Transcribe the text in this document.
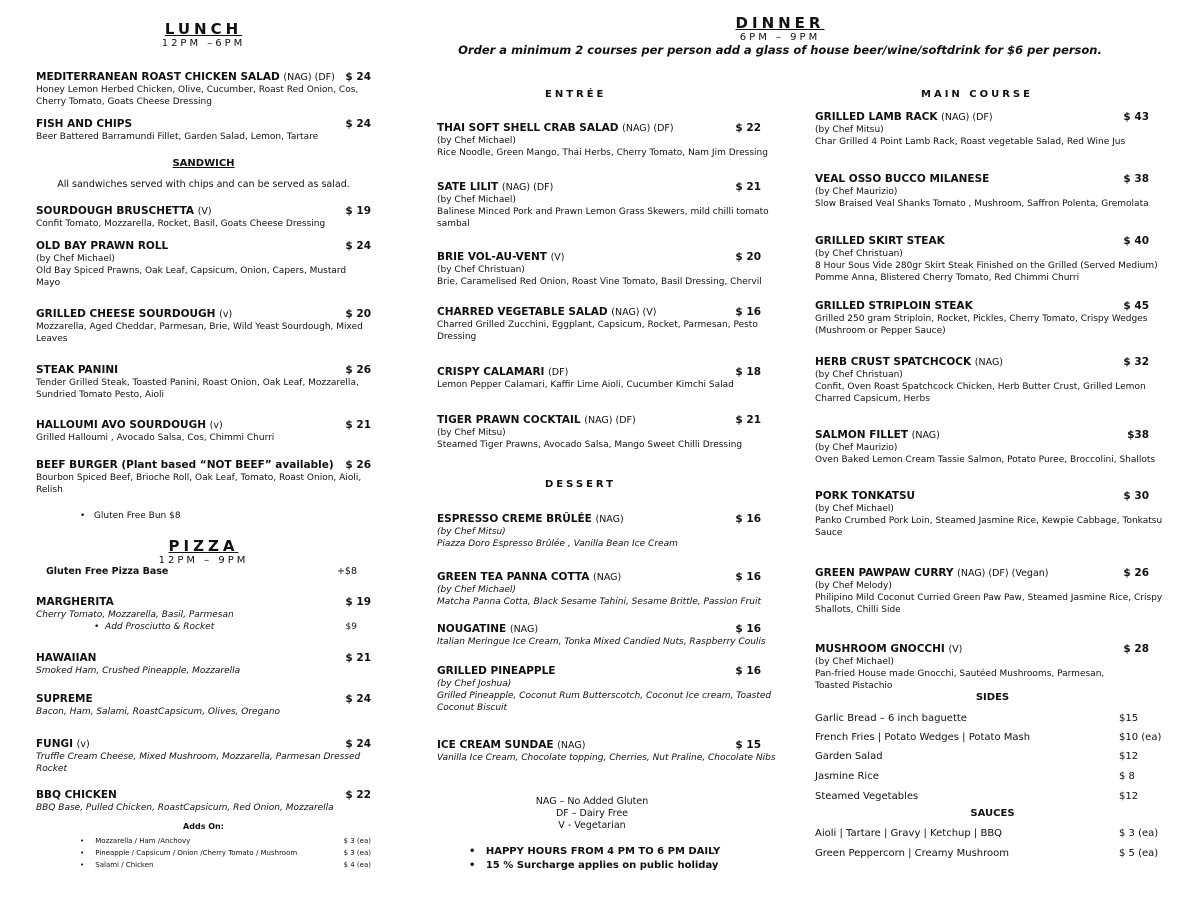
LUNCH
12PM –6PM
MEDITERRANEAN ROAST CHICKEN SALAD (NAG) (DF) $ 24
Honey Lemon Herbed Chicken, Olive, Cucumber, Roast Red Onion, Cos, Cherry Tomato, Goats Cheese Dressing
FISH AND CHIPS	$ 24
Beer Battered Barramundi Fillet, Garden Salad, Lemon, Tartare
SANDWICH
All sandwiches served with chips and can be served as salad.
SOURDOUGH BRUSCHETTA (V)	$ 19
Confit Tomato, Mozzarella, Rocket, Basil, Goats Cheese Dressing
OLD BAY PRAWN ROLL	$ 24
(by Chef Michael)
Old Bay Spiced Prawns, Oak Leaf, Capsicum, Onion, Capers, Mustard Mayo
GRILLED CHEESE SOURDOUGH (v)	$ 20
Mozzarella, Aged Cheddar, Parmesan, Brie, Wild Yeast Sourdough, Mixed Leaves
STEAK PANINI	$ 26
Tender Grilled Steak, Toasted Panini, Roast Onion, Oak Leaf, Mozzarella, Sundried Tomato Pesto, Aioli
HALLOUMI AVO SOURDOUGH (v)	$ 21
Grilled Halloumi , Avocado Salsa, Cos, Chimmi Churri
BEEF BURGER (Plant based “NOT BEEF” available) $ 26
Bourbon Spiced Beef, Brioche Roll, Oak Leaf, Tomato, Roast Onion, Aioli, Relish
•   Gluten Free Bun $8
PIZZA
12PM – 9PM
Gluten Free Pizza Base	+$8
MARGHERITA	$ 19
Cherry Tomato, Mozzarella, Basil, Parmesan
•  Add Prosciutto & Rocket	$9
HAWAIIAN	$ 21
Smoked Ham, Crushed Pineapple, Mozzarella
SUPREME	$ 24
Bacon, Ham, Salami, RoastCapsicum, Olives, Oregano
FUNGI (v)	$ 24
Truffle Cream Cheese, Mixed Mushroom, Mozzarella, Parmesan Dressed Rocket
BBQ CHICKEN	$ 22
BBQ Base, Pulled Chicken, RoastCapsicum, Red Onion, Mozzarella
Adds On:
•     Mozzarella / Ham /Anchovy	$ 3 (ea)
•     Pineapple / Capsicum / Onion /Cherry Tomato / Mushroom	$ 3 (ea)
•     Salami / Chicken	$ 4 (ea)
DINNER
6PM – 9PM
Order a minimum 2 courses per person add a glass of house beer/wine/softdrink for $6 per person.
ENTRÉE
THAI SOFT SHELL CRAB SALAD (NAG) (DF)	$ 22
(by Chef Michael)
Rice Noodle, Green Mango, Thai Herbs, Cherry Tomato, Nam Jim Dressing
SATE LILIT (NAG) (DF)	$ 21
(by Chef Michael)
Balinese Minced Pork and Prawn Lemon Grass Skewers, mild chilli tomato sambal
BRIE VOL-AU-VENT (V)	$ 20
(by Chef Christuan)
Brie, Caramelised Red Onion, Roast Vine Tomato, Basil Dressing, Chervil
CHARRED VEGETABLE SALAD (NAG) (V)	$ 16
Charred Grilled Zucchini, Eggplant, Capsicum, Rocket, Parmesan, Pesto Dressing
CRISPY CALAMARI (DF)	$ 18
Lemon Pepper Calamari, Kaffir Lime Aioli, Cucumber Kimchi Salad
TIGER PRAWN COCKTAIL (NAG) (DF)	$ 21
(by Chef Mitsu)
Steamed Tiger Prawns, Avocado Salsa, Mango Sweet Chilli Dressing
DESSERT
ESPRESSO CREME BRÛLÉE (NAG)	$ 16
(by Chef Mitsu)
Piazza Doro Espresso Brûlée , Vanilla Bean Ice Cream
GREEN TEA PANNA COTTA (NAG)	$ 16
(by Chef Michael)
Matcha Panna Cotta, Black Sesame Tahini, Sesame Brittle, Passion Fruit
NOUGATINE (NAG)	$ 16
Italian Meringue Ice Cream, Tonka Mixed Candied Nuts, Raspberry Coulis
GRILLED PINEAPPLE	$ 16
(by Chef Joshua)
Grilled Pineapple, Coconut Rum Butterscotch, Coconut Ice cream, Toasted Coconut Biscuit
ICE CREAM SUNDAE (NAG)	$ 15
Vanilla Ice Cream, Chocolate topping, Cherries, Nut Praline, Chocolate Nibs
NAG – No Added Gluten
DF – Dairy Free
V - Vegetarian
•   HAPPY HOURS FROM 4 PM TO 6 PM DAILY
•   15 % Surcharge applies on public holiday
MAIN COURSE
GRILLED LAMB RACK (NAG) (DF)	$ 43
(by Chef Mitsu)
Char Grilled 4 Point Lamb Rack, Roast vegetable Salad, Red Wine Jus
VEAL OSSO BUCCO MILANESE	$ 38
(by Chef Maurizio)
Slow Braised Veal Shanks Tomato , Mushroom, Saffron Polenta, Gremolata
GRILLED SKIRT STEAK	$ 40
(by Chef Christuan)
8 Hour Sous Vide 280gr Skirt Steak Finished on the Grilled (Served Medium) Pomme Anna, Blistered Cherry Tomato, Red Chimmi Churri
GRILLED STRIPLOIN STEAK	$ 45
Grilled 250 gram Striploin, Rocket, Pickles, Cherry Tomato, Crispy Wedges (Mushroom or Pepper Sauce)
HERB CRUST SPATCHCOCK (NAG)	$ 32
(by Chef Christuan)
Confit, Oven Roast Spatchcock Chicken, Herb Butter Crust, Grilled Lemon Charred Capsicum, Herbs
SALMON FILLET (NAG)	$38
(by Chef Maurizio)
Oven Baked Lemon Cream Tassie Salmon, Potato Puree, Broccolini, Shallots
PORK TONKATSU	$ 30
(by Chef Michael)
Panko Crumbed Pork Loin, Steamed Jasmine Rice, Kewpie Cabbage, Tonkatsu Sauce
GREEN PAWPAW CURRY (NAG) (DF) (Vegan)	$ 26
(by Chef Melody)
Philipino Mild Coconut Curried Green Paw Paw, Steamed Jasmine Rice, Crispy Shallots, Chilli Side
MUSHROOM GNOCCHI (V)	$ 28
(by Chef Michael)
Pan-fried House made Gnocchi, Sautéed Mushrooms, Parmesan, Toasted Pistachio
SIDES
Garlic Bread – 6 inch baguette	$15
French Fries | Potato Wedges | Potato Mash	$10 (ea)
Garden Salad	$12
Jasmine Rice	$ 8
Steamed Vegetables	$12
SAUCES
Aioli | Tartare | Gravy | Ketchup | BBQ	$ 3 (ea)
Green Peppercorn | Creamy Mushroom	$ 5 (ea)
